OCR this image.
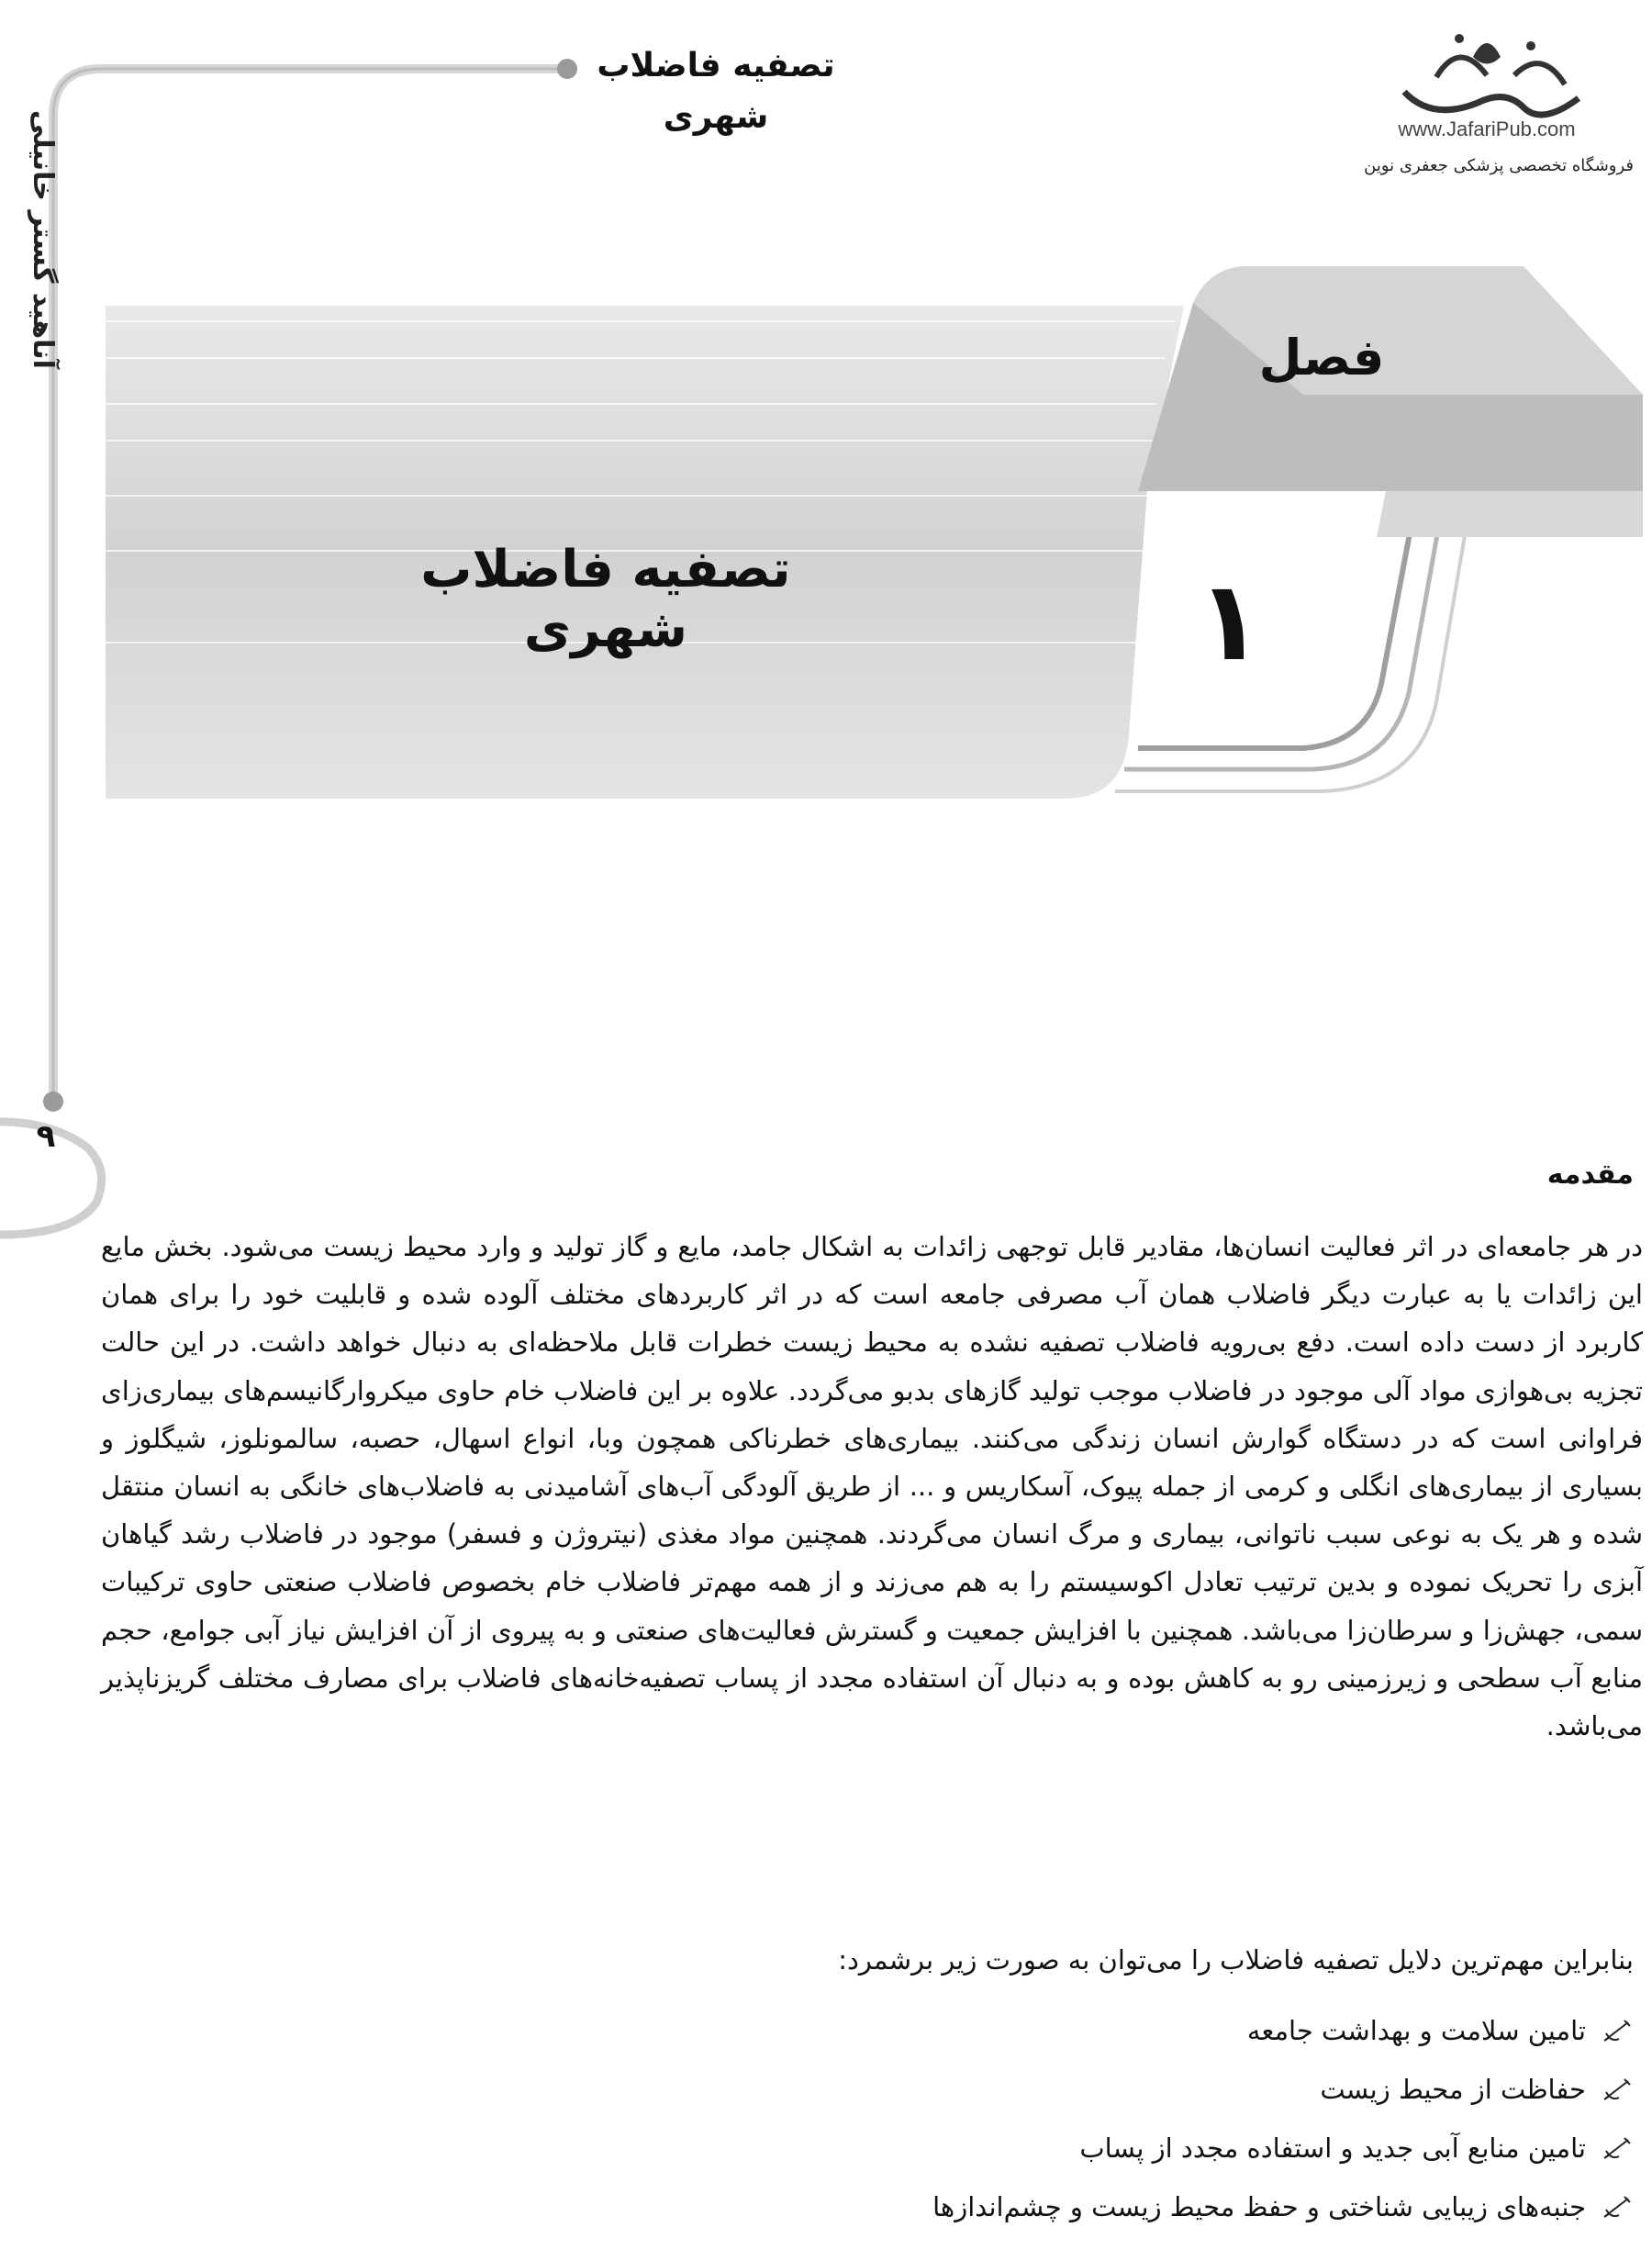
تصفیه فاضلاب شهری
آناهید گستر خانیلی
۹
www.JafariPub.com
فروشگاه تخصصی پزشکی جعفری نوین
فصل
تصفیه فاضلاب شهری	۱
مقدمه
در هر جامعه‌ای در اثر فعالیت انسان‌ها، مقادیر قابل توجهی زائدات به اشکال جامد، مایع و گاز تولید و وارد محیط زیست می‌شود. بخش مایع این زائدات یا به عبارت دیگر فاضلاب همان آب مصرفی جامعه است که در اثر کاربردهای مختلف آلوده شده و قابلیت خود را برای همان کاربرد از دست داده است. دفع بی‌رویه فاضلاب تصفیه نشده به محیط زیست خطرات قابل ملاحظه‌ای به دنبال خواهد داشت. در این حالت تجزیه بی‌هوازی مواد آلی موجود در فاضلاب موجب تولید گازهای بدبو می‌گردد. علاوه بر این فاضلاب خام حاوی میکروارگانیسم‌های بیماری‌زای فراوانی است که در دستگاه گوارش انسان زندگی می‌کنند. بیماری‌های خطرناکی همچون وبا، انواع اسهال، حصبه، سالمونلوز، شیگلوز و بسیاری از بیماری‌های انگلی و کرمی از جمله پیوک، آسکاریس و ... از طریق آلودگی آب‌های آشامیدنی به فاضلاب‌های خانگی به انسان منتقل شده و هر یک به نوعی سبب ناتوانی، بیماری و مرگ انسان می‌گردند. همچنین مواد مغذی (نیتروژن و فسفر) موجود در فاضلاب رشد گیاهان آبزی را تحریک نموده و بدین ترتیب تعادل اکوسیستم را به هم می‌زند و از همه مهم‌تر فاضلاب خام بخصوص فاضلاب صنعتی حاوی ترکیبات سمی، جهش‌زا و سرطان‌زا می‌باشد. همچنین با افزایش جمعیت و گسترش فعالیت‌های صنعتی و به پیروی از آن افزایش نیاز آبی جوامع، حجم منابع آب سطحی و زیرزمینی رو به کاهش بوده و به دنبال آن استفاده مجدد از پساب تصفیه‌خانه‌های فاضلاب برای مصارف مختلف گریزناپذیر می‌باشد.
بنابراین مهم‌ترین دلایل تصفیه فاضلاب را می‌توان به صورت زیر برشمرد:
تامین سلامت و بهداشت جامعه
حفاظت از محیط زیست
تامین منابع آبی جدید و استفاده مجدد از پساب
جنبه‌های زیبایی شناختی و حفظ محیط زیست و چشم‌اندازها
